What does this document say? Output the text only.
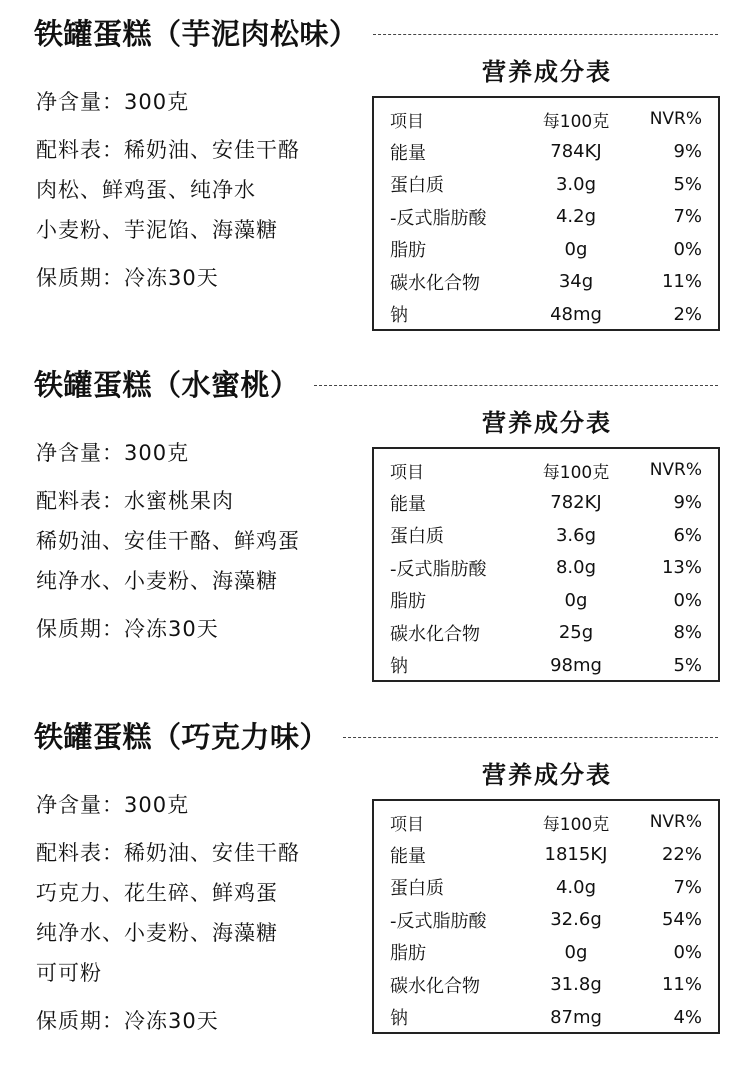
铁罐蛋糕（芋泥肉松味）
营养成分表
净含量：300克
配料表：稀奶油、安佳干酪
肉松、鲜鸡蛋、纯净水
小麦粉、芋泥馅、海藻糖
保质期：冷冻30天
项目	每100克	NVR%
能量	784KJ	9%
蛋白质	3.0g	5%
-反式脂肪酸	4.2g	7%
脂肪	0g	0%
碳水化合物	34g	11%
钠	48mg	2%
铁罐蛋糕（水蜜桃）
营养成分表
净含量：300克
配料表：水蜜桃果肉
稀奶油、安佳干酪、鲜鸡蛋
纯净水、小麦粉、海藻糖
保质期：冷冻30天
项目	每100克	NVR%
能量	782KJ	9%
蛋白质	3.6g	6%
-反式脂肪酸	8.0g	13%
脂肪	0g	0%
碳水化合物	25g	8%
钠	98mg	5%
铁罐蛋糕（巧克力味）
营养成分表
净含量：300克
配料表：稀奶油、安佳干酪
巧克力、花生碎、鲜鸡蛋
纯净水、小麦粉、海藻糖
可可粉
保质期：冷冻30天
项目	每100克	NVR%
能量	1815KJ	22%
蛋白质	4.0g	7%
-反式脂肪酸	32.6g	54%
脂肪	0g	0%
碳水化合物	31.8g	11%
钠	87mg	4%
